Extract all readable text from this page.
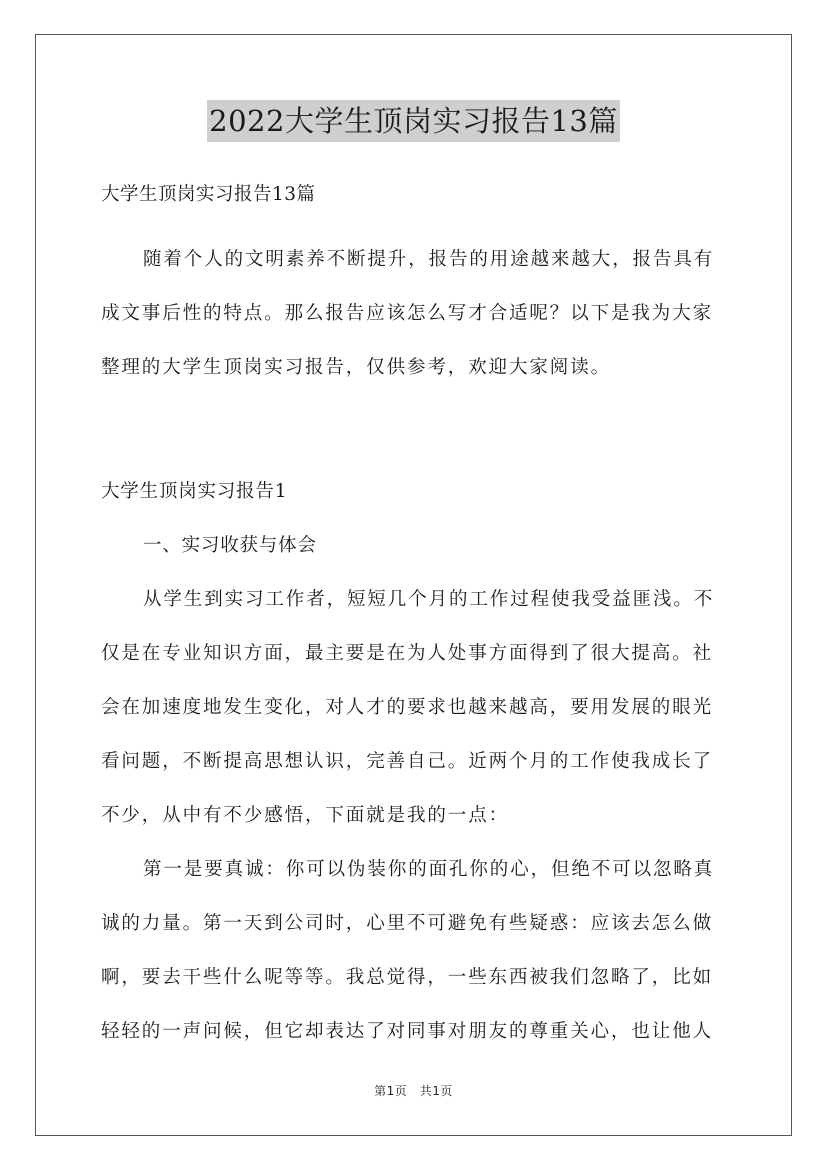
2022大学生顶岗实习报告13篇
大学生顶岗实习报告13篇
随着个人的文明素养不断提升，报告的用途越来越大，报告具有
成文事后性的特点。那么报告应该怎么写才合适呢？以下是我为大家
整理的大学生顶岗实习报告，仅供参考，欢迎大家阅读。
大学生顶岗实习报告1
一、实习收获与体会
从学生到实习工作者，短短几个月的工作过程使我受益匪浅。不
仅是在专业知识方面，最主要是在为人处事方面得到了很大提高。社
会在加速度地发生变化，对人才的要求也越来越高，要用发展的眼光
看问题，不断提高思想认识，完善自己。近两个月的工作使我成长了
不少，从中有不少感悟，下面就是我的一点：
第一是要真诚：你可以伪装你的面孔你的心，但绝不可以忽略真
诚的力量。第一天到公司时，心里不可避免有些疑惑：应该去怎么做
啊，要去干些什么呢等等。我总觉得，一些东西被我们忽略了，比如
轻轻的一声问候，但它却表达了对同事对朋友的尊重关心，也让他人
第1页　共1页
